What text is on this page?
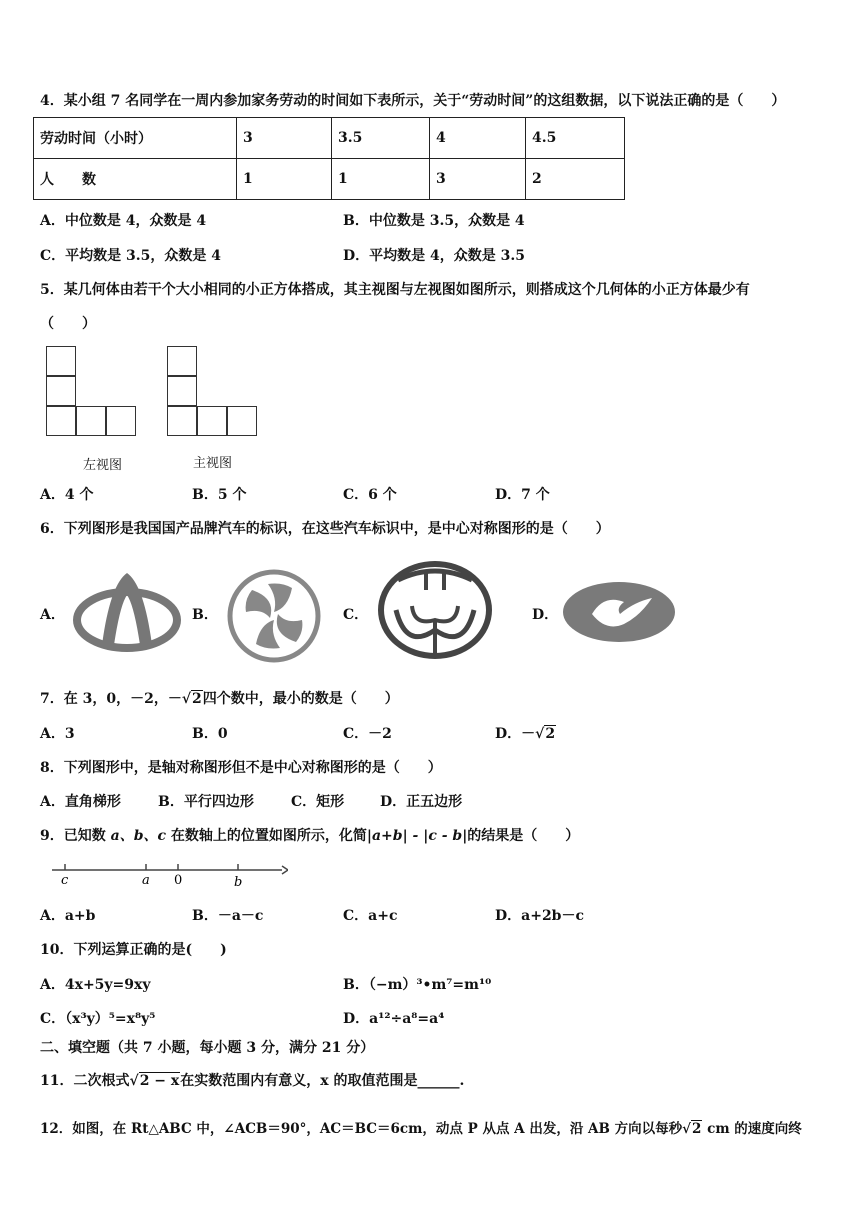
4．某小组 7 名同学在一周内参加家务劳动的时间如下表所示，关于“劳动时间”的这组数据，以下说法正确的是（　　）
劳动时间（小时）	3	3.5	4	4.5
人　　数	1	1	3	2
A．中位数是 4，众数是 4	B．中位数是 3.5，众数是 4
C．平均数是 3.5，众数是 4	D．平均数是 4，众数是 3.5
5．某几何体由若干个大小相同的小正方体搭成，其主视图与左视图如图所示，则搭成这个几何体的小正方体最少有
（　　）
左视图	主视图
A．4 个	B．5 个	C．6 个	D．7 个
6．下列图形是我国国产品牌汽车的标识，在这些汽车标识中，是中心对称图形的是（　　）
A．	B．	C．	D．
7．在 3，0，－2，－√2四个数中，最小的数是（　　）
A．3	B．0	C．－2	D．－√2
8．下列图形中，是轴对称图形但不是中心对称图形的是（　　）
A．直角梯形	B．平行四边形	C．矩形	D．正五边形
9．已知数 a、b、c 在数轴上的位置如图所示，化简|a+b| - |c - b|的结果是（　　）
c	a 0	b
A．a+b	B．－a－c	C．a+c	D．a+2b－c
10．下列运算正确的是(　　)
A．4x+5y=9xy	B．（−m）³•m⁷=m¹⁰
C．（x³y）⁵=x⁸y⁵	D．a¹²÷a⁸=a⁴
二、填空题（共 7 小题，每小题 3 分，满分 21 分）
11．二次根式√2 − x在实数范围内有意义，x 的取值范围是______.
12．如图，在 Rt△ABC 中，∠ACB＝90°，AC＝BC＝6cm，动点 P 从点 A 出发，沿 AB 方向以每秒√2 cm 的速度向终
